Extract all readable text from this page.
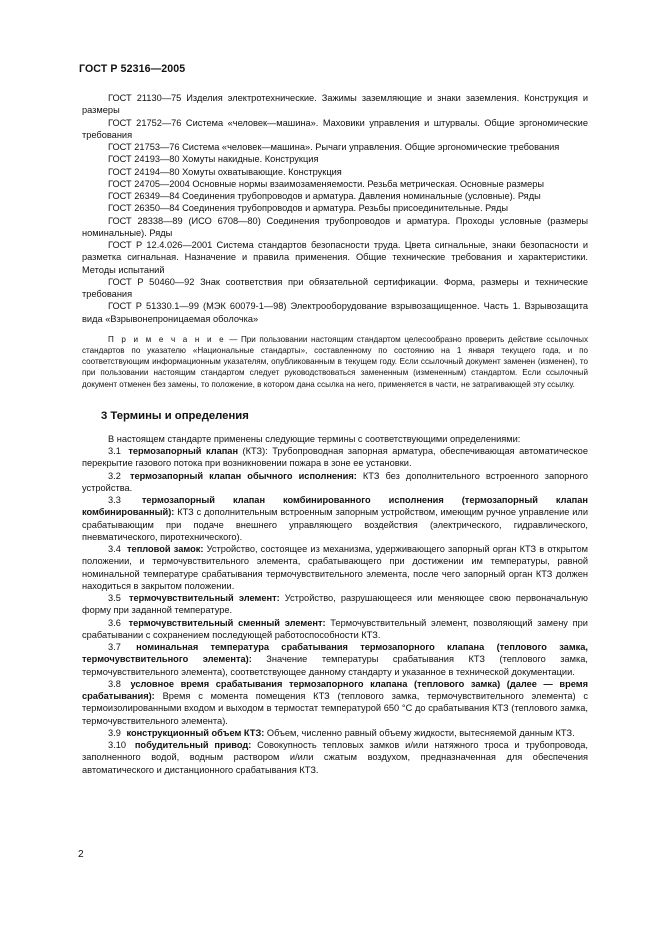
ГОСТ Р 52316—2005

ГОСТ 21130—75 Изделия электротехнические. Зажимы заземляющие и знаки заземления. Конструкция и размеры

ГОСТ 21752—76 Система «человек—машина». Маховики управления и штурвалы. Общие эргономические требования

ГОСТ 21753—76 Система «человек—машина». Рычаги управления. Общие эргономические требования

ГОСТ 24193—80 Хомуты накидные. Конструкция

ГОСТ 24194—80 Хомуты охватывающие. Конструкция

ГОСТ 24705—2004 Основные нормы взаимозаменяемости. Резьба метрическая. Основные размеры

ГОСТ 26349—84 Соединения трубопроводов и арматура. Давления номинальные (условные). Ряды

ГОСТ 26350—84 Соединения трубопроводов и арматура. Резьбы присоединительные. Ряды

ГОСТ 28338—89 (ИСО 6708—80) Соединения трубопроводов и арматура. Проходы условные (размеры номинальные). Ряды

ГОСТ Р 12.4.026—2001 Система стандартов безопасности труда. Цвета сигнальные, знаки безопасности и разметка сигнальная. Назначение и правила применения. Общие технические требования и характеристики. Методы испытаний

ГОСТ Р 50460—92 Знак соответствия при обязательной сертификации. Форма, размеры и технические требования

ГОСТ Р 51330.1—99 (МЭК 60079-1—98) Электрооборудование взрывозащищенное. Часть 1. Взрывозащита вида «Взрывонепроницаемая оболочка»

П р и м е ч а н и е — При пользовании настоящим стандартом целесообразно проверить действие ссылочных стандартов по указателю «Национальные стандарты», составленному по состоянию на 1 января текущего года, и по соответствующим информационным указателям, опубликованным в текущем году. Если ссылочный документ заменен (изменен), то при пользовании настоящим стандартом следует руководствоваться замененным (измененным) стандартом. Если ссылочный документ отменен без замены, то положение, в котором дана ссылка на него, применяется в части, не затрагивающей эту ссылку.

3 Термины и определения

В настоящем стандарте применены следующие термины с соответствующими определениями:

3.1 термозапорный клапан (КТЗ): Трубопроводная запорная арматура, обеспечивающая автоматическое перекрытие газового потока при возникновении пожара в зоне ее установки.

3.2 термозапорный клапан обычного исполнения: КТЗ без дополнительного встроенного запорного устройства.

3.3 термозапорный клапан комбинированного исполнения (термозапорный клапан комбинированный): КТЗ с дополнительным встроенным запорным устройством, имеющим ручное управление или срабатывающим при подаче внешнего управляющего воздействия (электрического, гидравлического, пневматического, пиротехнического).

3.4 тепловой замок: Устройство, состоящее из механизма, удерживающего запорный орган КТЗ в открытом положении, и термочувствительного элемента, срабатывающего при достижении им температуры, равной номинальной температуре срабатывания термочувствительного элемента, после чего запорный орган КТЗ должен находиться в закрытом положении.

3.5 термочувствительный элемент: Устройство, разрушающееся или меняющее свою первоначальную форму при заданной температуре.

3.6 термочувствительный сменный элемент: Термочувствительный элемент, позволяющий замену при срабатывании с сохранением последующей работоспособности КТЗ.

3.7 номинальная температура срабатывания термозапорного клапана (теплового замка, термочувствительного элемента): Значение температуры срабатывания КТЗ (теплового замка, термочувствительного элемента), соответствующее данному стандарту и указанное в технической документации.

3.8 условное время срабатывания термозапорного клапана (теплового замка) (далее — время срабатывания): Время с момента помещения КТЗ (теплового замка, термочувствительного элемента) с термоизолированными входом и выходом в термостат температурой 650 °С до срабатывания КТЗ (теплового замка, термочувствительного элемента).

3.9 конструкционный объем КТЗ: Объем, численно равный объему жидкости, вытесняемой данным КТЗ.

3.10 побудительный привод: Совокупность тепловых замков и/или натяжного троса и трубопровода, заполненного водой, водным раствором и/или сжатым воздухом, предназначенная для обеспечения автоматического и дистанционного срабатывания КТЗ.

2
